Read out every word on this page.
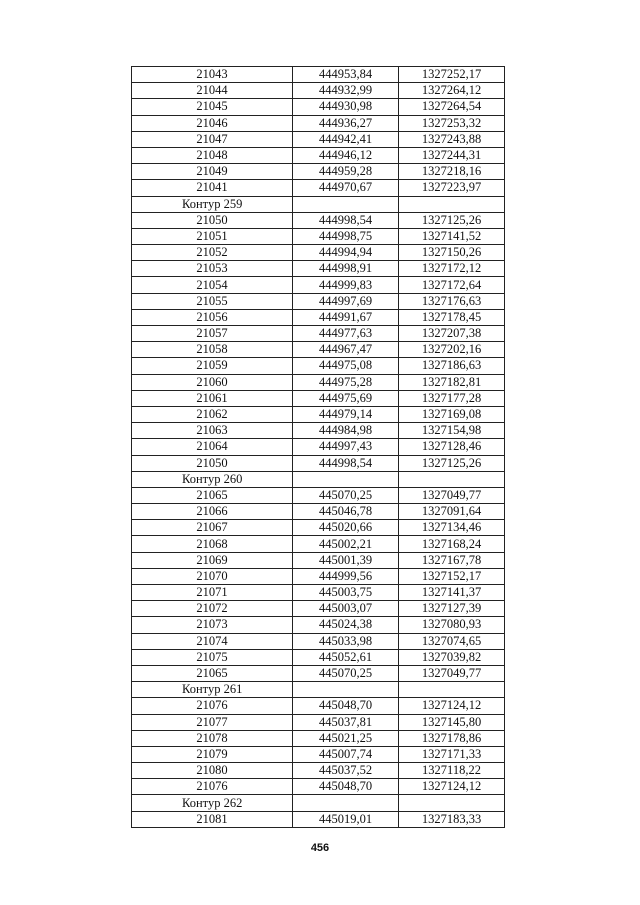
21043	444953,84	1327252,17
21044	444932,99	1327264,12
21045	444930,98	1327264,54
21046	444936,27	1327253,32
21047	444942,41	1327243,88
21048	444946,12	1327244,31
21049	444959,28	1327218,16
21041	444970,67	1327223,97
Контур 259		
21050	444998,54	1327125,26
21051	444998,75	1327141,52
21052	444994,94	1327150,26
21053	444998,91	1327172,12
21054	444999,83	1327172,64
21055	444997,69	1327176,63
21056	444991,67	1327178,45
21057	444977,63	1327207,38
21058	444967,47	1327202,16
21059	444975,08	1327186,63
21060	444975,28	1327182,81
21061	444975,69	1327177,28
21062	444979,14	1327169,08
21063	444984,98	1327154,98
21064	444997,43	1327128,46
21050	444998,54	1327125,26
Контур 260		
21065	445070,25	1327049,77
21066	445046,78	1327091,64
21067	445020,66	1327134,46
21068	445002,21	1327168,24
21069	445001,39	1327167,78
21070	444999,56	1327152,17
21071	445003,75	1327141,37
21072	445003,07	1327127,39
21073	445024,38	1327080,93
21074	445033,98	1327074,65
21075	445052,61	1327039,82
21065	445070,25	1327049,77
Контур 261		
21076	445048,70	1327124,12
21077	445037,81	1327145,80
21078	445021,25	1327178,86
21079	445007,74	1327171,33
21080	445037,52	1327118,22
21076	445048,70	1327124,12
Контур 262		
21081	445019,01	1327183,33
456
